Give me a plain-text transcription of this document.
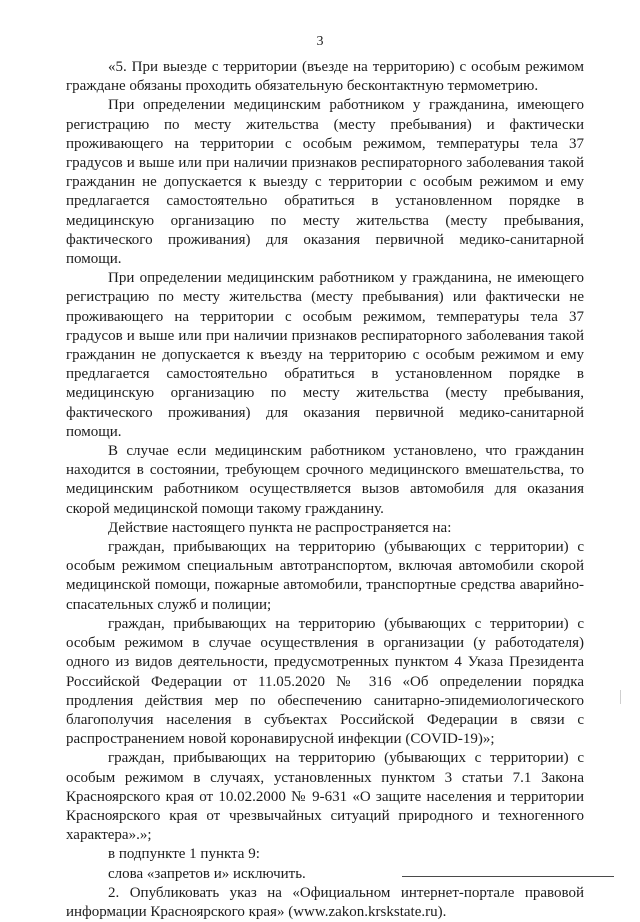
3

«5. При выезде с территории (въезде на территорию) с особым режимом граждане обязаны проходить обязательную бесконтактную термометрию.

При определении медицинским работником у гражданина, имеющего регистрацию по месту жительства (месту пребывания) и фактически проживающего на территории с особым режимом, температуры тела 37 градусов и выше или при наличии признаков респираторного заболевания такой гражданин не допускается к выезду с территории с особым режимом и ему предлагается самостоятельно обратиться в установленном порядке в медицинскую организацию по месту жительства (месту пребывания, фактического проживания) для оказания первичной медико-санитарной помощи.

При определении медицинским работником у гражданина, не имеющего регистрацию по месту жительства (месту пребывания) или фактически не проживающего на территории с особым режимом, температуры тела 37 градусов и выше или при наличии признаков респираторного заболевания такой гражданин не допускается к въезду на территорию с особым режимом и ему предлагается самостоятельно обратиться в установленном порядке в медицинскую организацию по месту жительства (месту пребывания, фактического проживания) для оказания первичной медико-санитарной помощи.

В случае если медицинским работником установлено, что гражданин находится в состоянии, требующем срочного медицинского вмешательства, то медицинским работником осуществляется вызов автомобиля для оказания скорой медицинской помощи такому гражданину.

Действие настоящего пункта не распространяется на:

граждан, прибывающих на территорию (убывающих с территории) с особым режимом специальным автотранспортом, включая автомобили скорой медицинской помощи, пожарные автомобили, транспортные средства аварийно-спасательных служб и полиции;

граждан, прибывающих на территорию (убывающих с территории) с особым режимом в случае осуществления в организации (у работодателя) одного из видов деятельности, предусмотренных пунктом 4 Указа Президента Российской Федерации от 11.05.2020 № 316 «Об определении порядка продления действия мер по обеспечению санитарно-эпидемиологического благополучия населения в субъектах Российской Федерации в связи с распространением новой коронавирусной инфекции (COVID-19)»;

граждан, прибывающих на территорию (убывающих с территории) с особым режимом в случаях, установленных пунктом 3 статьи 7.1 Закона Красноярского края от 10.02.2000 № 9-631 «О защите населения и территории Красноярского края от чрезвычайных ситуаций природного и техногенного характера».»;

в подпункте 1 пункта 9:

слова «запретов и» исключить.

2. Опубликовать указ на «Официальном интернет-портале правовой информации Красноярского края» (www.zakon.krskstate.ru).
